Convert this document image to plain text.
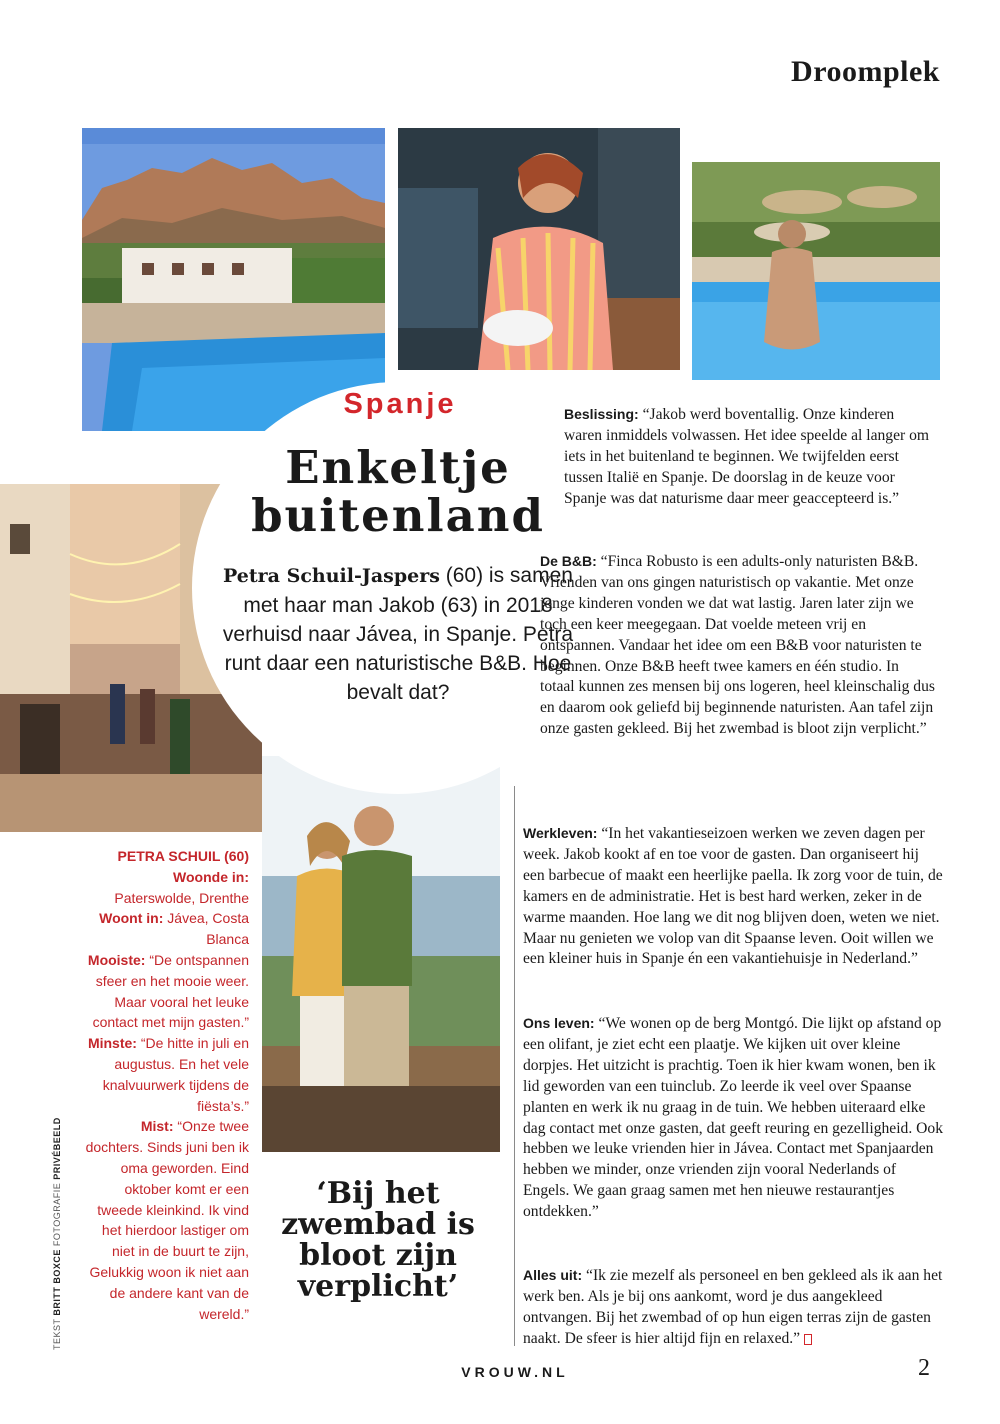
Droomplek
Spanje
Enkeltje
buitenland
Petra Schuil-Jaspers (60) is samen met haar man Jakob (63) in 2018 verhuisd naar Jávea, in Spanje. Petra runt daar een naturistische B&B. Hoe bevalt dat?

Beslissing: “Jakob werd boventallig. Onze kinderen waren inmiddels volwassen. Het idee speelde al langer om iets in het buitenland te beginnen. We twijfelden eerst tussen Italië en Spanje. De doorslag in de keuze voor Spanje was dat naturisme daar meer geaccepteerd is.”

De B&B: “Finca Robusto is een adults-only naturisten B&B. Vrienden van ons gingen naturistisch op vakantie. Met onze jonge kinderen vonden we dat wat lastig. Jaren later zijn we toch een keer meegegaan. Dat voelde meteen vrij en ontspannen. Vandaar het idee om een B&B voor naturisten te beginnen. Onze B&B heeft twee kamers en één studio. In totaal kunnen zes mensen bij ons logeren, heel kleinschalig dus en daarom ook geliefd bij beginnende naturisten. Aan tafel zijn onze gasten gekleed. Bij het zwembad is bloot zijn verplicht.”

Werkleven: “In het vakantieseizoen werken we zeven dagen per week. Jakob kookt af en toe voor de gasten. Dan organiseert hij een barbecue of maakt een heerlijke paella. Ik zorg voor de tuin, de kamers en de administratie. Het is best hard werken, zeker in de warme maanden. Hoe lang we dit nog blijven doen, weten we niet. Maar nu genieten we volop van dit Spaanse leven. Ooit willen we een kleiner huis in Spanje én een vakantiehuisje in Nederland.”

Ons leven: “We wonen op de berg Montgó. Die lijkt op afstand op een olifant, je ziet echt een plaatje. We kijken uit over kleine dorpjes. Het uitzicht is prachtig. Toen ik hier kwam wonen, ben ik lid geworden van een tuinclub. Zo leerde ik veel over Spaanse planten en werk ik nu graag in de tuin. We hebben uiteraard elke dag contact met onze gasten, dat geeft reuring en gezelligheid. Ook hebben we leuke vrienden hier in Jávea. Contact met Spanjaarden hebben we minder, onze vrienden zijn vooral Nederlands of Engels. We gaan graag samen met hen nieuwe restaurantjes ontdekken.”

Alles uit: “Ik zie mezelf als personeel en ben gekleed als ik aan het werk ben. Als je bij ons aankomt, word je dus aangekleed ontvangen. Bij het zwembad of op hun eigen terras zijn de gasten naakt. De sfeer is hier altijd fijn en relaxed.”

PETRA SCHUIL (60)
Woonde in:
Paterswolde, Drenthe
Woont in: Jávea, Costa Blanca
Mooiste: “De ontspannen sfeer en het mooie weer. Maar vooral het leuke contact met mijn gasten.”
Minste: “De hitte in juli en augustus. En het vele knalvuurwerk tijdens de fiësta’s.”
Mist: “Onze twee dochters. Sinds juni ben ik oma geworden. Eind oktober komt er een tweede kleinkind. Ik vind het hierdoor lastiger om niet in de buurt te zijn, Gelukkig woon ik niet aan de andere kant van de wereld.”
TEKST BRITT BOXCE FOTOGRAFIE PRIVÉBEELD
‘Bij het zwembad is bloot zijn verplicht’
VROUW.NL	2
